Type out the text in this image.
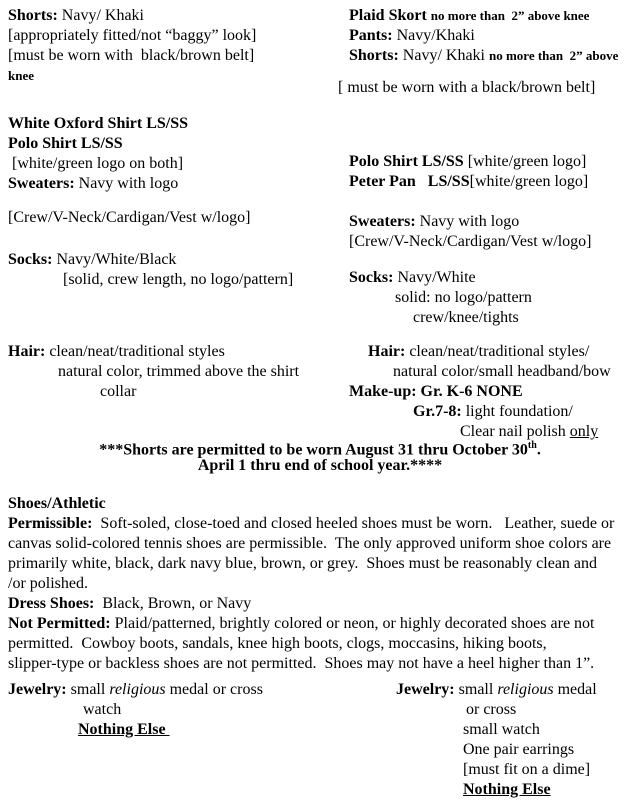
Shorts: Navy/ Khaki
[appropriately fitted/not “baggy” look]
[must be worn with  black/brown belt]
knee
White Oxford Shirt LS/SS
Polo Shirt LS/SS
[white/green logo on both]
Sweaters: Navy with logo
[Crew/V-Neck/Cardigan/Vest w/logo]
Socks: Navy/White/Black
[solid, crew length, no logo/pattern]
Hair: clean/neat/traditional styles
natural color, trimmed above the shirt
collar
Plaid Skort no more than  2” above knee
Pants: Navy/Khaki
Shorts: Navy/ Khaki no more than  2” above
[ must be worn with a black/brown belt]
Polo Shirt LS/SS [white/green logo]
Peter Pan   LS/SS[white/green logo]
Sweaters: Navy with logo
[Crew/V-Neck/Cardigan/Vest w/logo]
Socks: Navy/White
solid: no logo/pattern
crew/knee/tights
Hair: clean/neat/traditional styles/
natural color/small headband/bow
Make-up: Gr. K-6 NONE
Gr.7-8: light foundation/
Clear nail polish only
***Shorts are permitted to be worn August 31 thru October 30th.
April 1 thru end of school year.****
Shoes/Athletic
Permissible:  Soft-soled, close-toed and closed heeled shoes must be worn.   Leather, suede or
canvas solid-colored tennis shoes are permissible.  The only approved uniform shoe colors are
primarily white, black, dark navy blue, brown, or grey.  Shoes must be reasonably clean and
/or polished.
Dress Shoes:  Black, Brown, or Navy
Not Permitted: Plaid/patterned, brightly colored or neon, or highly decorated shoes are not
permitted.  Cowboy boots, sandals, knee high boots, clogs, moccasins, hiking boots,
slipper-type or backless shoes are not permitted.  Shoes may not have a heel higher than 1”.
Jewelry: small religious medal or cross
watch
Nothing Else
Jewelry: small religious medal
or cross
small watch
One pair earrings
[must fit on a dime]
Nothing Else
